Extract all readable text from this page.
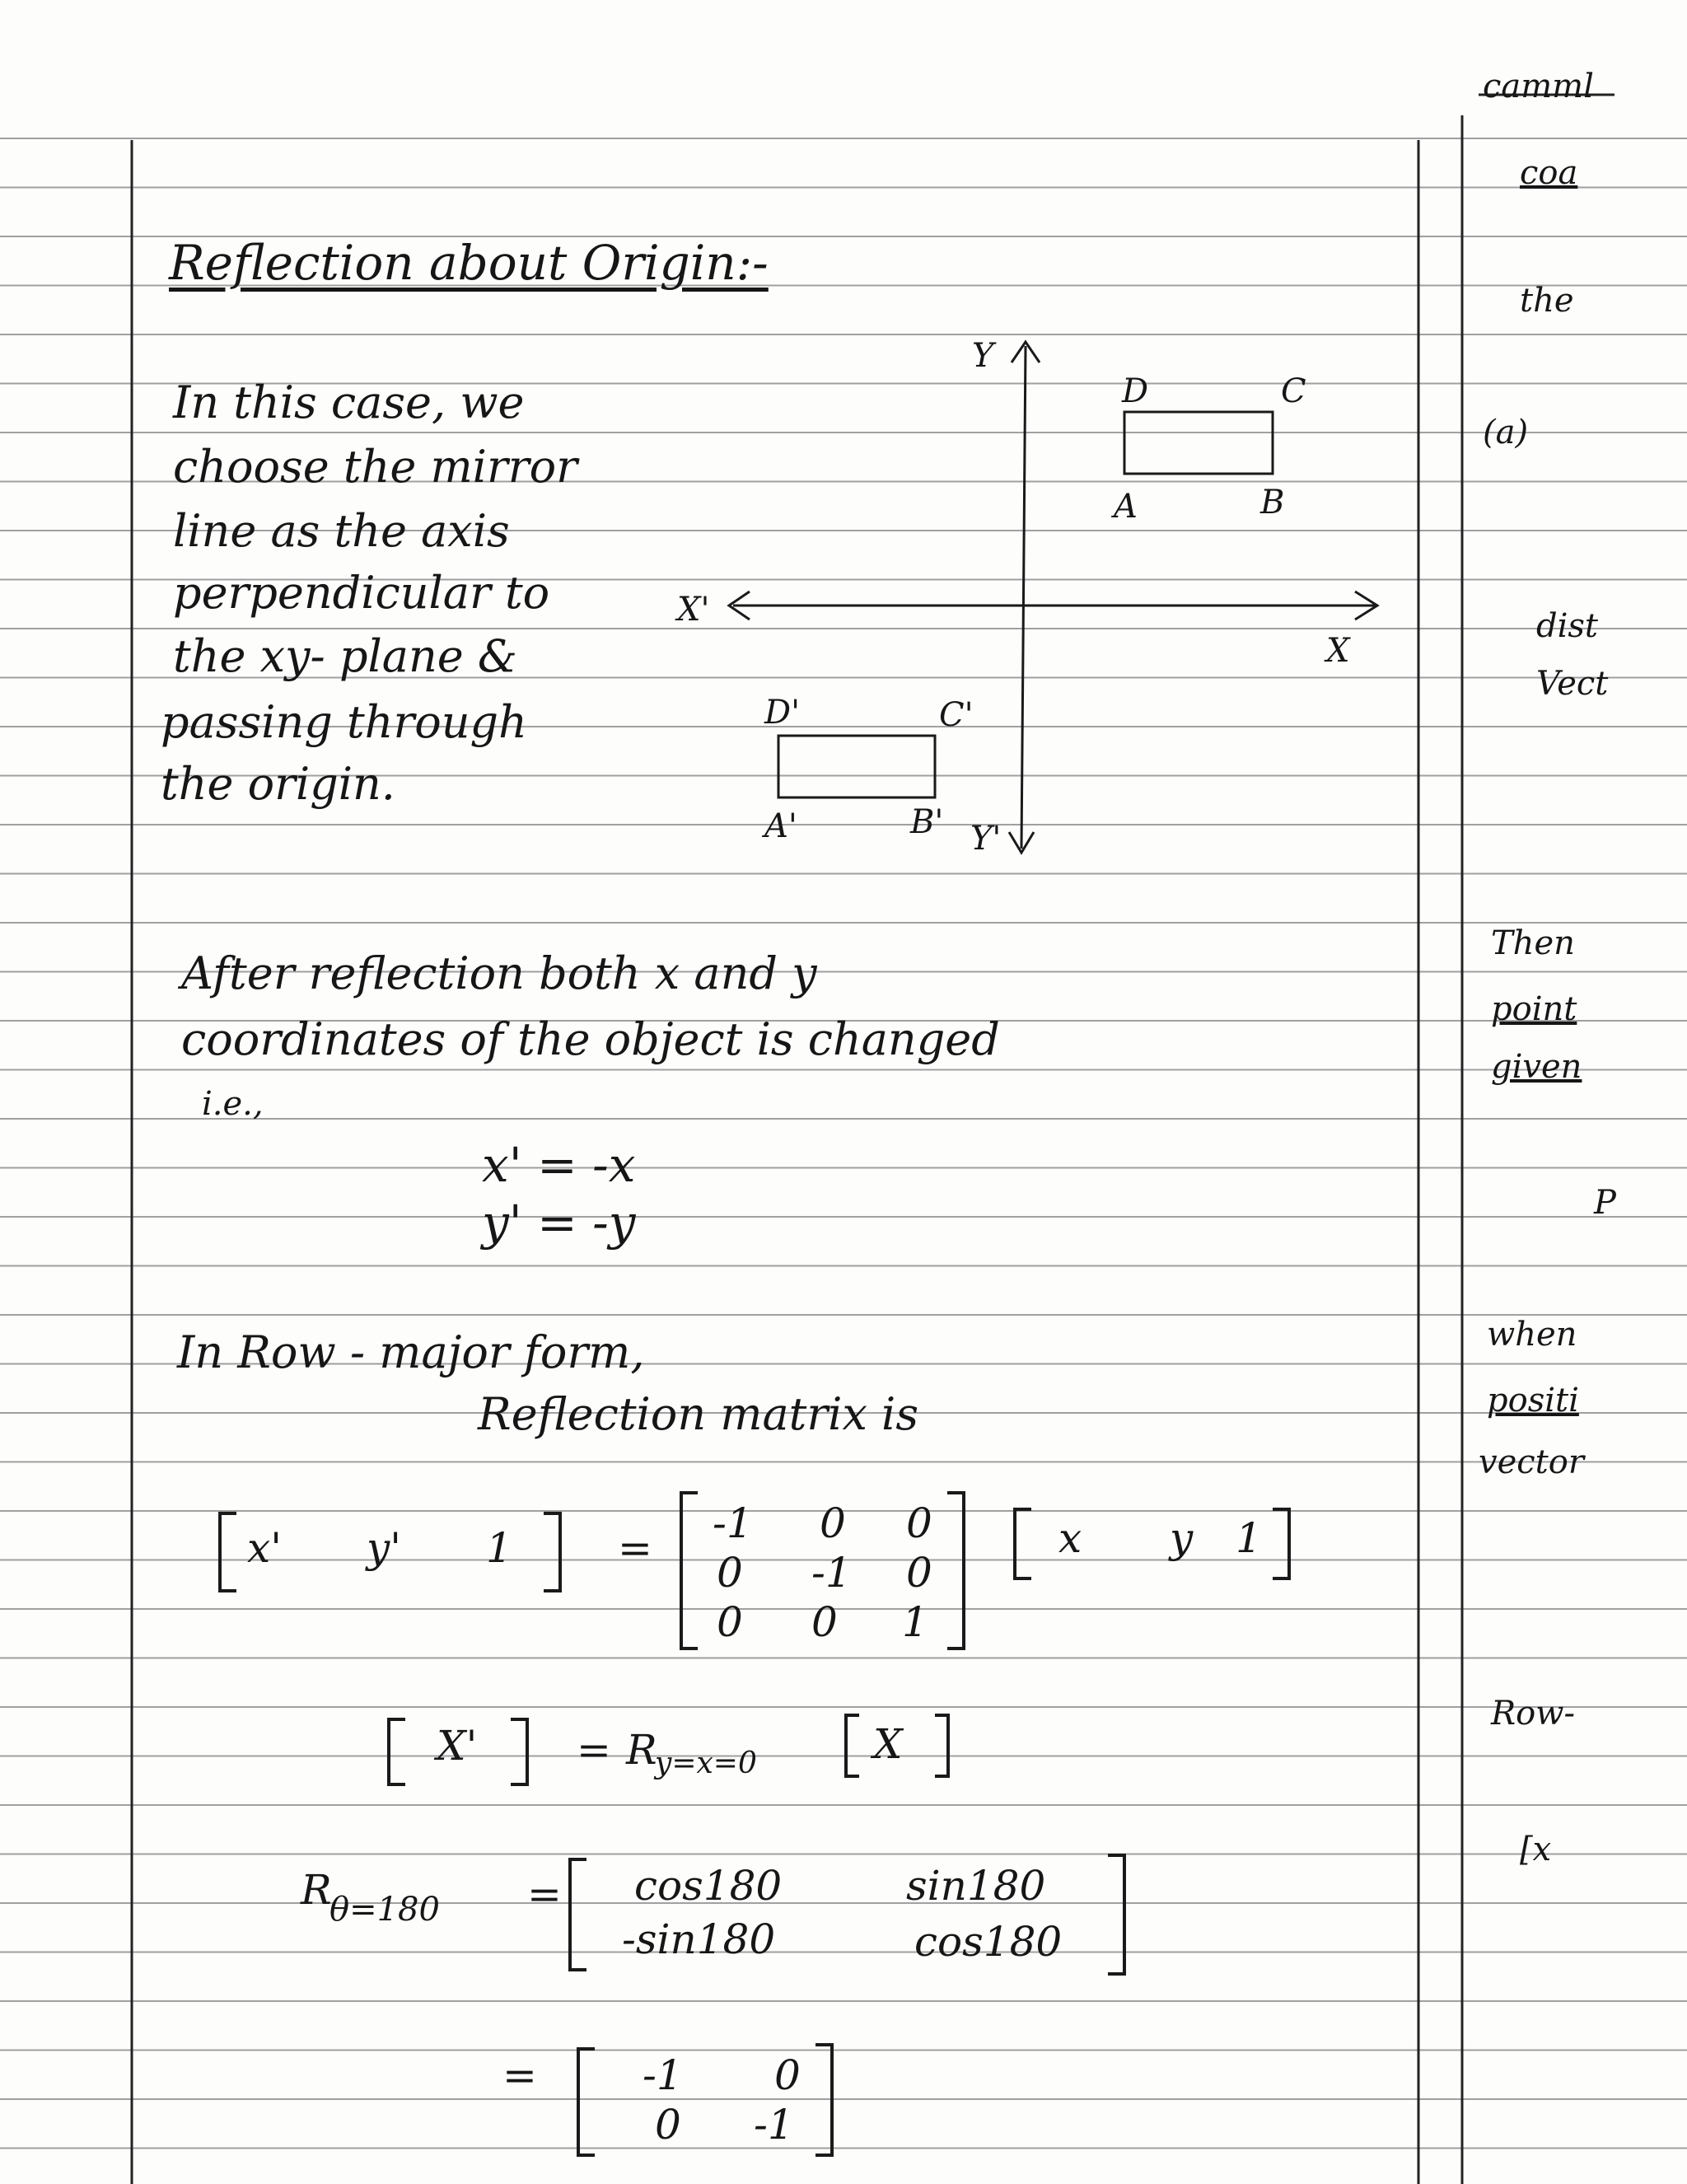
camml
coa
the
(a)
dist
Vect
Then
point
given
P
when
positi
vector
Row-
[x
Reflection about Origin:-
In this case, we
choose the mirror
line as the axis
perpendicular to
the xy- plane &
passing through
the origin.
Y
Y'
X
X'
A	B
C
D
A'	B'
C'
D'
After reflection both x and y
coordinates of the object is changed
i.e.,
x' = -x
y' = -y
In Row - major form,
Reflection matrix is
x' y' 1	=
-1 0 0
0 -1 0
0 0 1
x y 1
X' = R
y=x=0	X
R
θ=180 = cos180	sin180
-sin180	cos180
=	-1 0
0 -1
